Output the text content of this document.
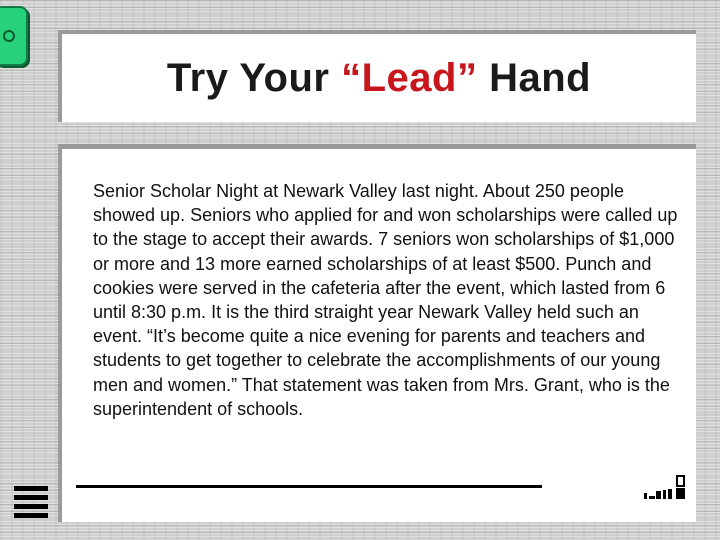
Try Your “Lead” Hand

Senior Scholar Night at Newark Valley last night. About 250 people showed up. Seniors who applied for and won scholarships were called up to the stage to accept their awards. 7 seniors won scholarships of $1,000 or more and 13 more earned scholarships of at least $500. Punch and cookies were served in the cafeteria after the event, which lasted from 6 until 8:30 p.m. It is the third straight year Newark Valley held such an event. “It’s become quite a nice evening for parents and teachers and students to get together to celebrate the accomplishments of our young men and women.” That statement was taken from Mrs. Grant, who is the superintendent of schools.
